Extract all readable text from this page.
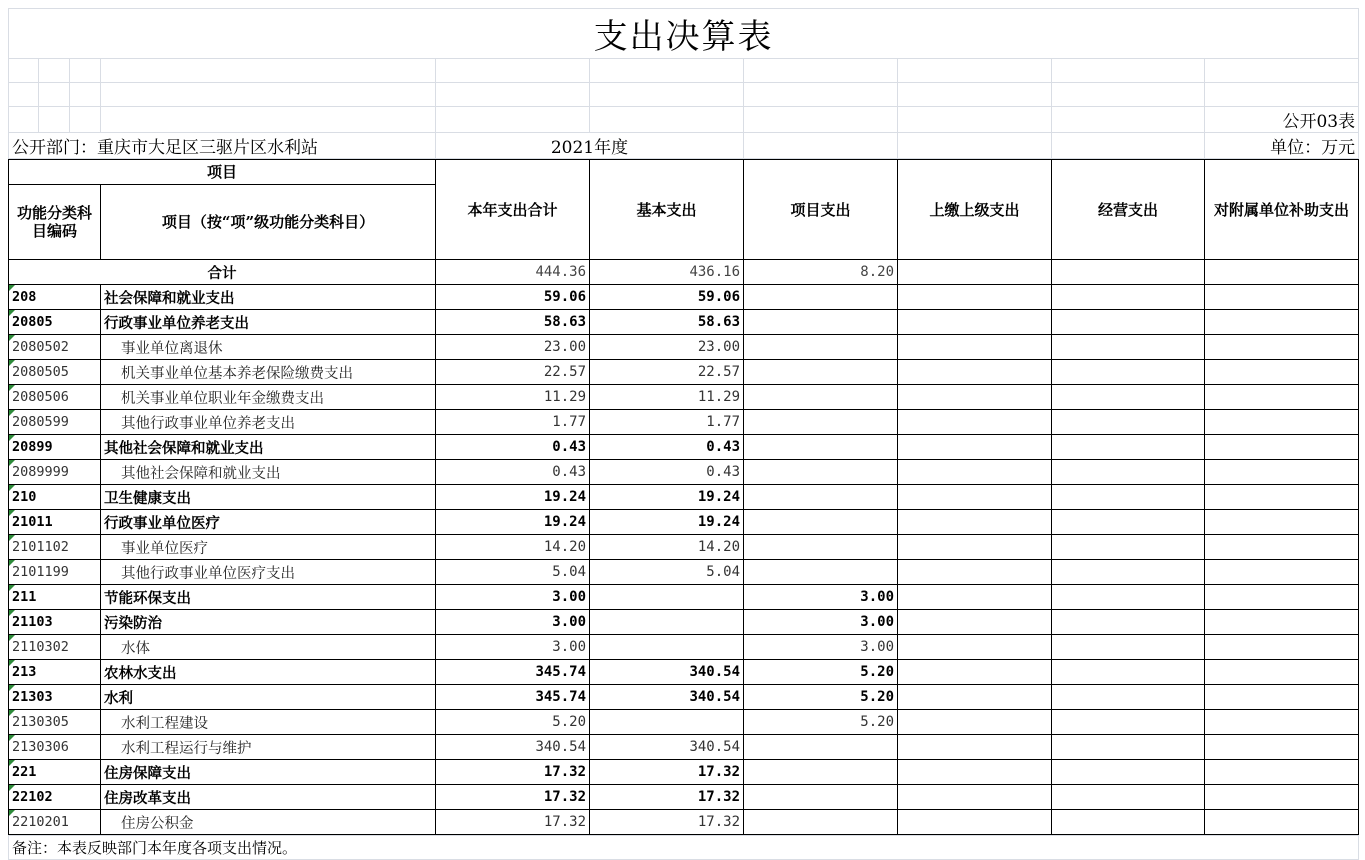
支出决算表									

									公开03表
公开部门：重庆市大足区三驱片区水利站				2021年度					单位：万元
项目		本年支出合计	基本支出	项目支出	上缴上级支出	经营支出	对附属单位补助支出
功能分类科目编码	项目（按“项”级功能分类科目）						
合计		444.36	436.16	8.20			
208	社会保障和就业支出	59.06	59.06				
20805	行政事业单位养老支出	58.63	58.63				
2080502	事业单位离退休	23.00	23.00				
2080505	机关事业单位基本养老保险缴费支出	22.57	22.57				
2080506	机关事业单位职业年金缴费支出	11.29	11.29				
2080599	其他行政事业单位养老支出	1.77	1.77				
20899	其他社会保障和就业支出	0.43	0.43				
2089999	其他社会保障和就业支出	0.43	0.43				
210	卫生健康支出	19.24	19.24				
21011	行政事业单位医疗	19.24	19.24				
2101102	事业单位医疗	14.20	14.20				
2101199	其他行政事业单位医疗支出	5.04	5.04				
211	节能环保支出	3.00		3.00			
21103	污染防治	3.00		3.00			
2110302	水体	3.00		3.00			
213	农林水支出	345.74	340.54	5.20			
21303	水利	345.74	340.54	5.20			
2130305	水利工程建设	5.20		5.20			
2130306	水利工程运行与维护	340.54	340.54				
221	住房保障支出	17.32	17.32				
22102	住房改革支出	17.32	17.32				
2210201	住房公积金	17.32	17.32				
备注：本表反映部门本年度各项支出情况。
